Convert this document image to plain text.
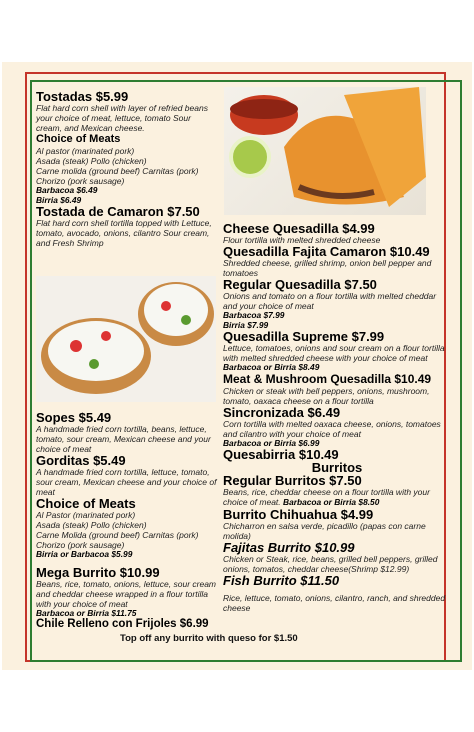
Tostadas $5.99
Flat hard corn shell with layer of refried beans your choice of meat, lettuce, tomato Sour cream, and Mexican cheese.
Choice of Meats
Al pastor (marinated pork)
Asada (steak) Pollo (chicken)
Carne molida (ground beef) Carnitas (pork)
Chorizo (pork sausage)
Barbacoa $6.49
Birria $6.49
Tostada de Camaron $7.50
Flat hard corn shell tortilla topped with Lettuce, tomato, avocado, onions, cilantro Sour cream, and Fresh Shrimp
Sopes $5.49
A handmade fried corn tortilla, beans, lettuce, tomato, sour cream, Mexican cheese and your choice of meat
Gorditas $5.49
A handmade fried corn tortilla, lettuce, tomato, sour cream, Mexican cheese and your choice of meat
Choice of Meats
Al Pastor (marinated pork)
Asada (steak) Pollo (chicken)
Carne Molida (ground beef) Carnitas (pork)
Chorizo (pork sausage)
Birria or Barbacoa $5.99
Mega Burrito $10.99
Beans, rice, tomato, onions, lettuce, sour cream and cheddar cheese wrapped in a flour tortilla with your choice of meat
Barbacoa or Birria $11.75
Chile Relleno con Frijoles $6.99
Cheese Quesadilla $4.99
Flour tortilla with melted shredded cheese
Quesadilla Fajita Camaron $10.49
Shredded cheese, grilled shrimp, onion bell pepper and tomatoes
Regular Quesadilla $7.50
Onions and tomato on a flour tortilla with melted cheddar and your choice of meat
Barbacoa $7.99
Birria $7.99
Quesadilla Supreme $7.99
Lettuce, tomatoes, onions and sour cream on a flour tortilla with melted shredded cheese with your choice of meat
Barbacoa or Birria $8.49
Meat & Mushroom Quesadilla $10.49
Chicken or steak with bell peppers, onions, mushroom, tomato, oaxaca cheese on a flour tortilla
Sincronizada $6.49
Corn tortilla with melted oaxaca cheese, onions, tomatoes and cilantro with your choice of meat
Barbacoa or Birria $6.99
Quesabirria $10.49
Burritos
Regular Burritos $7.50
Beans, rice, cheddar cheese on a flour tortilla with your choice of meat. Barbacoa or Birria $8.50
Burrito Chihuahua $4.99
Chicharron en salsa verde, picadillo (papas con carne molida)
Fajitas Burrito $10.99
Chicken or Steak, rice, beans, grilled bell peppers, grilled onions, tomatos, cheddar cheese(Shrimp $12.99)
Fish Burrito $11.50
Rice, lettuce, tomato, onions, cilantro, ranch, and shredded cheese
Top off any burrito with queso for $1.50
